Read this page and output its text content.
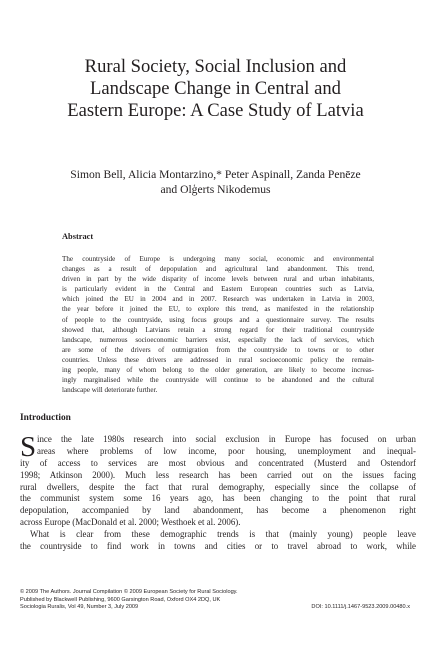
Rural Society, Social Inclusion and
Landscape Change in Central and
Eastern Europe: A Case Study of Latvia
Simon Bell, Alicia Montarzino,* Peter Aspinall, Zanda Penēze
and Olģerts Nikodemus
Abstract
The countryside of Europe is undergoing many social, economic and environmental
changes as a result of depopulation and agricultural land abandonment. This trend,
driven in part by the wide disparity of income levels between rural and urban inhabitants,
is particularly evident in the Central and Eastern European countries such as Latvia,
which joined the EU in 2004 and in 2007. Research was undertaken in Latvia in 2003,
the year before it joined the EU, to explore this trend, as manifested in the relationship
of people to the countryside, using focus groups and a questionnaire survey. The results
showed that, although Latvians retain a strong regard for their traditional countryside
landscape, numerous socioeconomic barriers exist, especially the lack of services, which
are some of the drivers of outmigration from the countryside to towns or to other
countries. Unless these drivers are addressed in rural socioeconomic policy the remain-
ing people, many of whom belong to the older generation, are likely to become increas-
ingly marginalised while the countryside will continue to be abandoned and the cultural
landscape will deteriorate further.
Introduction
S ince the late 1980s research into social exclusion in Europe has focused on urban
areas where problems of low income, poor housing, unemployment and inequal-
ity of access to services are most obvious and concentrated (Musterd and Ostendorf
1998; Atkinson 2000). Much less research has been carried out on the issues facing
rural dwellers, despite the fact that rural demography, especially since the collapse of
the communist system some 16 years ago, has been changing to the point that rural
depopulation, accompanied by land abandonment, has become a phenomenon right
across Europe (MacDonald et al. 2000; Westhoek et al. 2006).
What is clear from these demographic trends is that (mainly young) people leave
the countryside to find work in towns and cities or to travel abroad to work, while
© 2009 The Authors. Journal Compilation © 2009 European Society for Rural Sociology.
Published by Blackwell Publishing, 9600 Garsington Road, Oxford OX4 2DQ, UK
Sociologia Ruralis, Vol 49, Number 3, July 2009	DOI: 10.1111/j.1467-9523.2009.00480.x
